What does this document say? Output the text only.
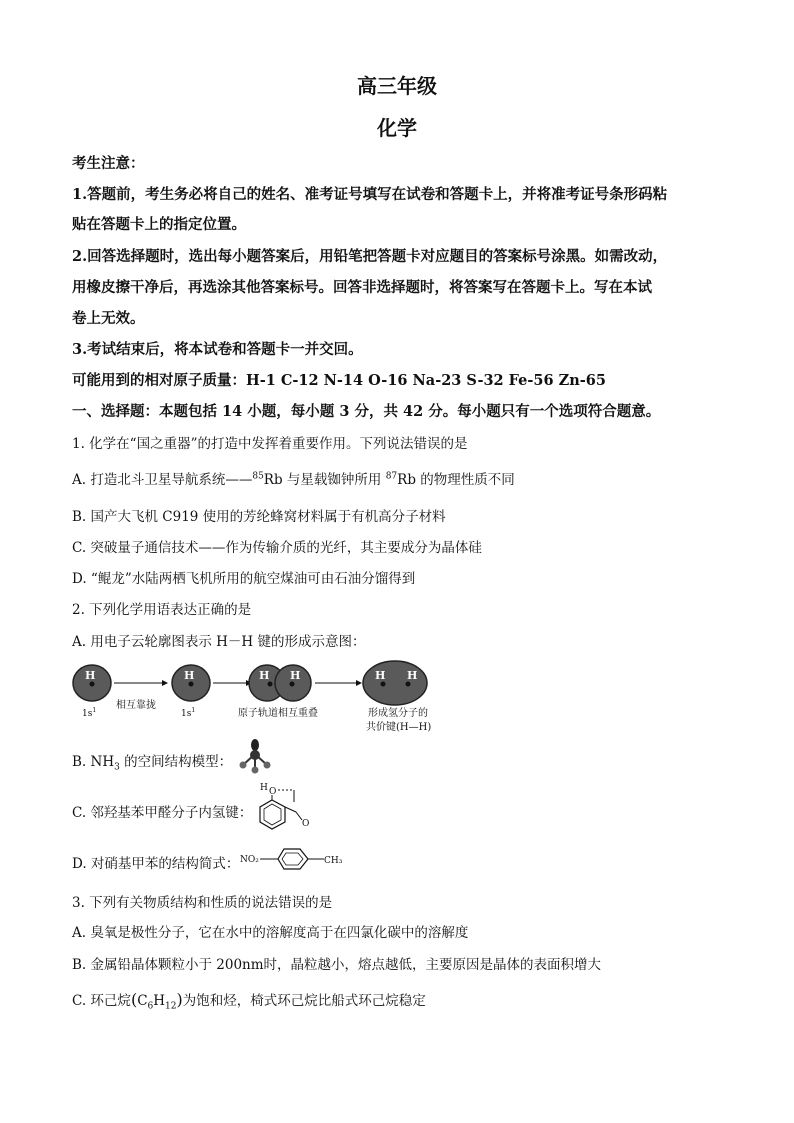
高三年级
化学
考生注意：
1.答题前，考生务必将自己的姓名、准考证号填写在试卷和答题卡上，并将准考证号条形码粘
贴在答题卡上的指定位置。
2.回答选择题时，选出每小题答案后，用铅笔把答题卡对应题目的答案标号涂黑。如需改动，
用橡皮擦干净后，再选涂其他答案标号。回答非选择题时，将答案写在答题卡上。写在本试
卷上无效。
3.考试结束后，将本试卷和答题卡一并交回。
可能用到的相对原子质量：H-1 C-12 N-14 O-16 Na-23 S-32 Fe-56 Zn-65
一、选择题：本题包括 14 小题，每小题 3 分，共 42 分。每小题只有一个选项符合题意。
1. 化学在“国之重器”的打造中发挥着重要作用。下列说法错误的是
A. 打造北斗卫星导航系统——$^{85}$Rb 与星载铷钟所用 $^{87}$Rb 的物理性质不同
B. 国产大飞机 C919 使用的芳纶蜂窝材料属于有机高分子材料
C. 突破量子通信技术——作为传输介质的光纤，其主要成分为晶体硅
D. “鲲龙”水陆两栖飞机所用的航空煤油可由石油分馏得到
2. 下列化学用语表达正确的是
A. 用电子云轮廓图表示 H－H 键的形成示意图：
H
$1s^1$ 相互靠拢
H
$1s^1$
H H
原子轨道相互重叠
H H
形成氢分子的
共价键(H—H)
B. $NH_3$ 的空间结构模型：
C. 邻羟基苯甲醛分子内氢键：
H O
O
D. 对硝基甲苯的结构简式： NO₂	CH₃
3. 下列有关物质结构和性质的说法错误的是
A. 臭氧是极性分子，它在水中的溶解度高于在四氯化碳中的溶解度
B. 金属铅晶体颗粒小于 200nm时，晶粒越小，熔点越低，主要原因是晶体的表面积增大
C. 环己烷$(C_6H_{12})$为饱和烃，椅式环己烷比船式环己烷稳定
